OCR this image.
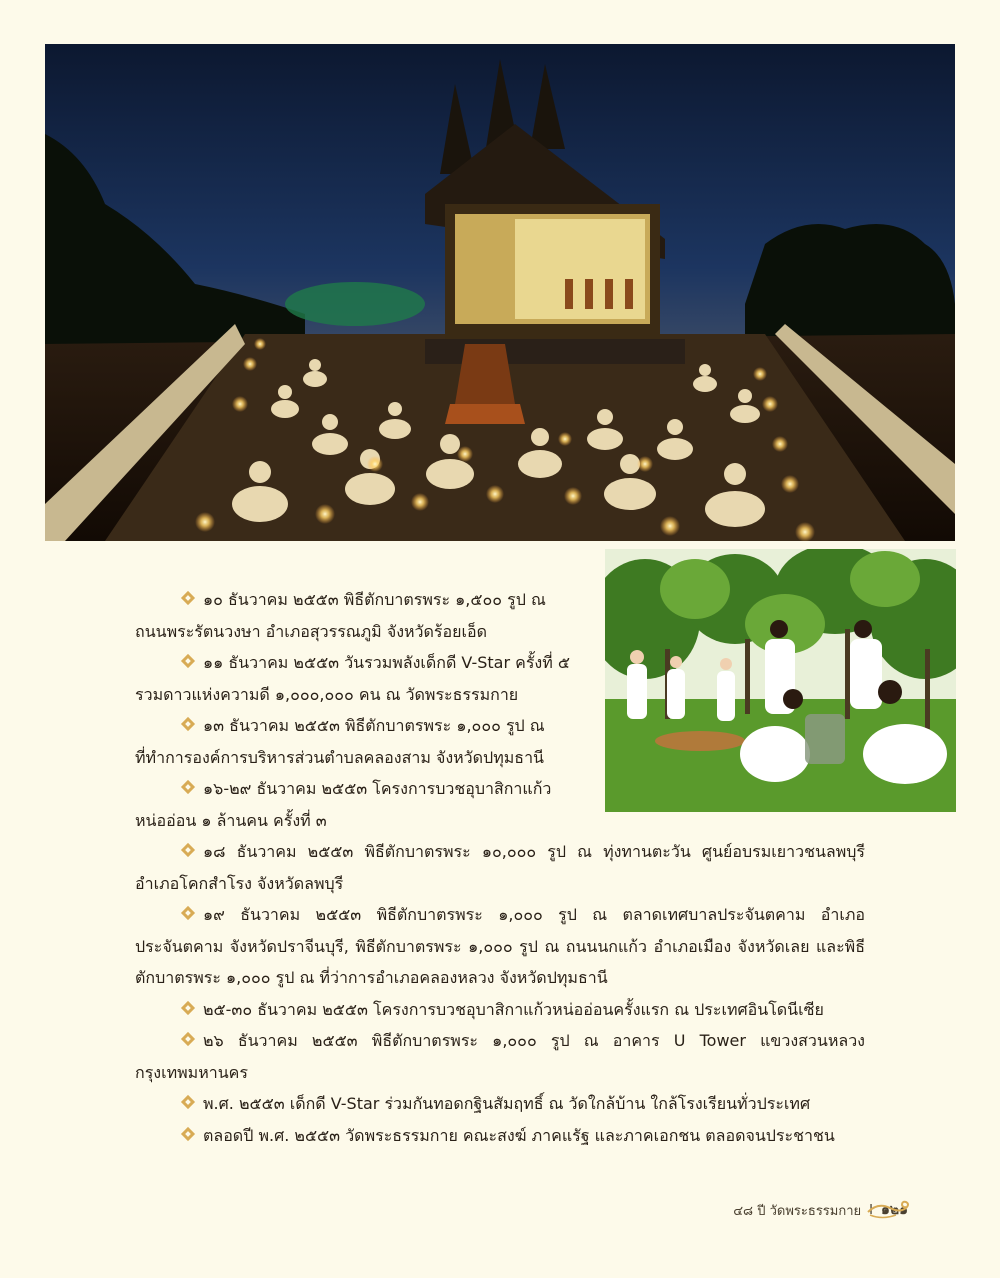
๑๐ ธันวาคม ๒๕๕๓ พิธีตักบาตรพระ ๑,๕๐๐ รูป ณ
ถนนพระรัตนวงษา อำเภอสุวรรณภูมิ จังหวัดร้อยเอ็ด

๑๑ ธันวาคม ๒๕๕๓ วันรวมพลังเด็กดี V-Star ครั้งที่ ๕
รวมดาวแห่งความดี ๑,๐๐๐,๐๐๐ คน ณ วัดพระธรรมกาย

๑๓ ธันวาคม ๒๕๕๓ พิธีตักบาตรพระ ๑,๐๐๐ รูป ณ
ที่ทำการองค์การบริหารส่วนตำบลคลองสาม จังหวัดปทุมธานี

๑๖-๒๙ ธันวาคม ๒๕๕๓ โครงการบวชอุบาสิกาแก้ว
หน่ออ่อน ๑ ล้านคน ครั้งที่ ๓

๑๘ ธันวาคม ๒๕๕๓ พิธีตักบาตรพระ ๑๐,๐๐๐ รูป ณ ทุ่งทานตะวัน ศูนย์อบรมเยาวชนลพบุรี อำเภอโคกสำโรง จังหวัดลพบุรี

๑๙ ธันวาคม ๒๕๕๓ พิธีตักบาตรพระ ๑,๐๐๐ รูป ณ ตลาดเทศบาลประจันตคาม อำเภอประจันตคาม จังหวัดปราจีนบุรี, พิธีตักบาตรพระ ๑,๐๐๐ รูป ณ ถนนนกแก้ว อำเภอเมือง จังหวัดเลย และพิธีตักบาตรพระ ๑,๐๐๐ รูป ณ ที่ว่าการอำเภอคลองหลวง จังหวัดปทุมธานี

๒๕-๓๐ ธันวาคม ๒๕๕๓ โครงการบวชอุบาสิกาแก้วหน่ออ่อนครั้งแรก ณ ประเทศอินโดนีเซีย

๒๖ ธันวาคม ๒๕๕๓ พิธีตักบาตรพระ ๑,๐๐๐ รูป ณ อาคาร U Tower แขวงสวนหลวง กรุงเทพมหานคร

พ.ศ. ๒๕๕๓ เด็กดี V-Star ร่วมกันทอดกฐินสัมฤทธิ์ ณ วัดใกล้บ้าน ใกล้โรงเรียนทั่วประเทศ

ตลอดปี พ.ศ. ๒๕๕๓ วัดพระธรรมกาย คณะสงฆ์ ภาคแรัฐ และภาคเอกชน ตลอดจนประชาชน

๔๘ ปี วัดพระธรรมกาย I ๑๒๑
